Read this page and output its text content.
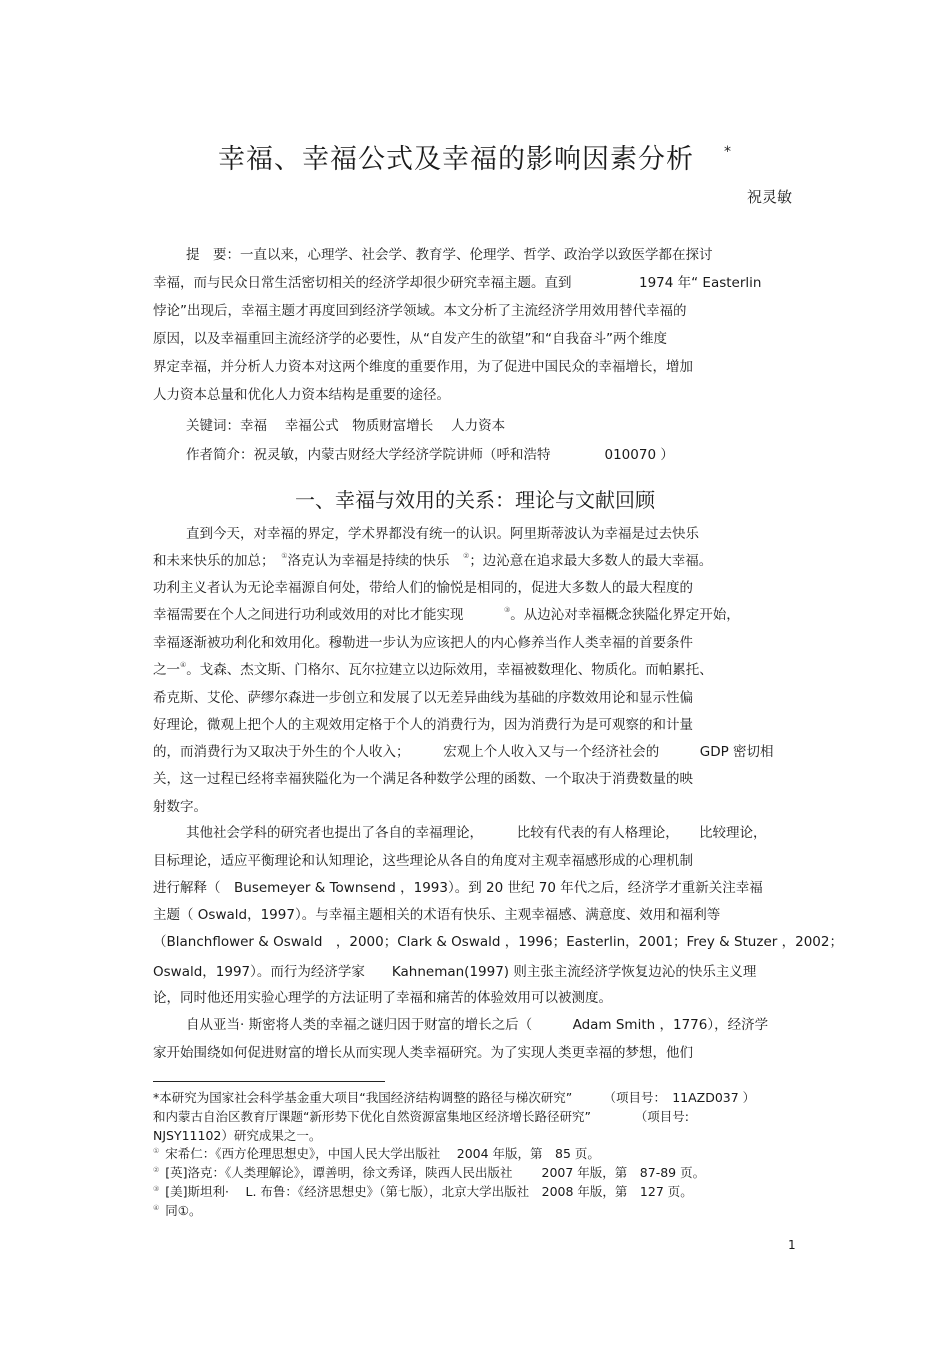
幸福、幸福公式及幸福的影响因素分析 *
祝灵敏
提　要：一直以来，心理学、社会学、教育学、伦理学、哲学、政治学以致医学都在探讨
幸福，而与民众日常生活密切相关的经济学却很少研究幸福主题。直到　　　　　1974 年“ Easterlin
悖论”出现后，幸福主题才再度回到经济学领域。本文分析了主流经济学用效用替代幸福的
原因，以及幸福重回主流经济学的必要性，从“自发产生的欲望”和“自我奋斗”两个维度
界定幸福，并分析人力资本对这两个维度的重要作用，为了促进中国民众的幸福增长，增加
人力资本总量和优化人力资本结构是重要的途径。
关键词：幸福　 幸福公式　物质财富增长　 人力资本
作者简介：祝灵敏，内蒙古财经大学经济学院讲师（呼和浩特　　　　010070 ）
一、幸福与效用的关系：理论与文献回顾
直到今天，对幸福的界定，学术界都没有统一的认识。阿里斯蒂波认为幸福是过去快乐
和未来快乐的加总；　①洛克认为幸福是持续的快乐　②；边沁意在追求最大多数人的最大幸福。
功利主义者认为无论幸福源自何处，带给人们的愉悦是相同的，促进大多数人的最大程度的
幸福需要在个人之间进行功利或效用的对比才能实现　　　③。从边沁对幸福概念狭隘化界定开始，
幸福逐渐被功利化和效用化。穆勒进一步认为应该把人的内心修养当作人类幸福的首要条件
之一④。戈森、杰文斯、门格尔、瓦尔拉建立以边际效用，幸福被数理化、物质化。而帕累托、
希克斯、艾伦、萨缪尔森进一步创立和发展了以无差异曲线为基础的序数效用论和显示性偏
好理论，微观上把个人的主观效用定格于个人的消费行为，因为消费行为是可观察的和计量
的，而消费行为又取决于外生的个人收入；　　　宏观上个人收入又与一个经济社会的　　　GDP 密切相
关，这一过程已经将幸福狭隘化为一个满足各种数学公理的函数、一个取决于消费数量的映
射数字。
其他社会学科的研究者也提出了各自的幸福理论，　　　比较有代表的有人格理论，　　比较理论，
目标理论，适应平衡理论和认知理论，这些理论从各自的角度对主观幸福感形成的心理机制
进行解释（　Busemeyer & Townsend ，1993）。到 20 世纪 70 年代之后，经济学才重新关注幸福
主题（ Oswald，1997）。与幸福主题相关的术语有快乐、主观幸福感、满意度、效用和福利等
（Blanchflower & Oswald　，2000；Clark & Oswald ，1996；Easterlin，2001；Frey & Stuzer ，2002；
Oswald，1997）。而行为经济学家　　Kahneman(1997) 则主张主流经济学恢复边沁的快乐主义理
论，同时他还用实验心理学的方法证明了幸福和痛苦的体验效用可以被测度。
自从亚当· 斯密将人类的幸福之谜归因于财富的增长之后（　　　Adam Smith ，1776），经济学
家开始围绕如何促进财富的增长从而实现人类幸福研究。为了实现人类更幸福的梦想，他们
*本研究为国家社会科学基金重大项目“我国经济结构调整的路径与梯次研究”　　　（项目号：　11AZD037 ）
和内蒙古自治区教育厅课题“新形势下优化自然资源富集地区经济增长路径研究”　　　　（项目号:
NJSY11102）研究成果之一。
① 宋希仁：《西方伦理思想史》，中国人民大学出版社　 2004 年版，第　85 页。
② [英]洛克：《人类理解论》，谭善明，徐文秀译，陕西人民出版社　　 2007 年版，第　87-89 页。
③ [美]斯坦利· 　L. 布鲁：《经济思想史》（第七版），北京大学出版社　2008 年版，第　127 页。
④ 同①。
1
